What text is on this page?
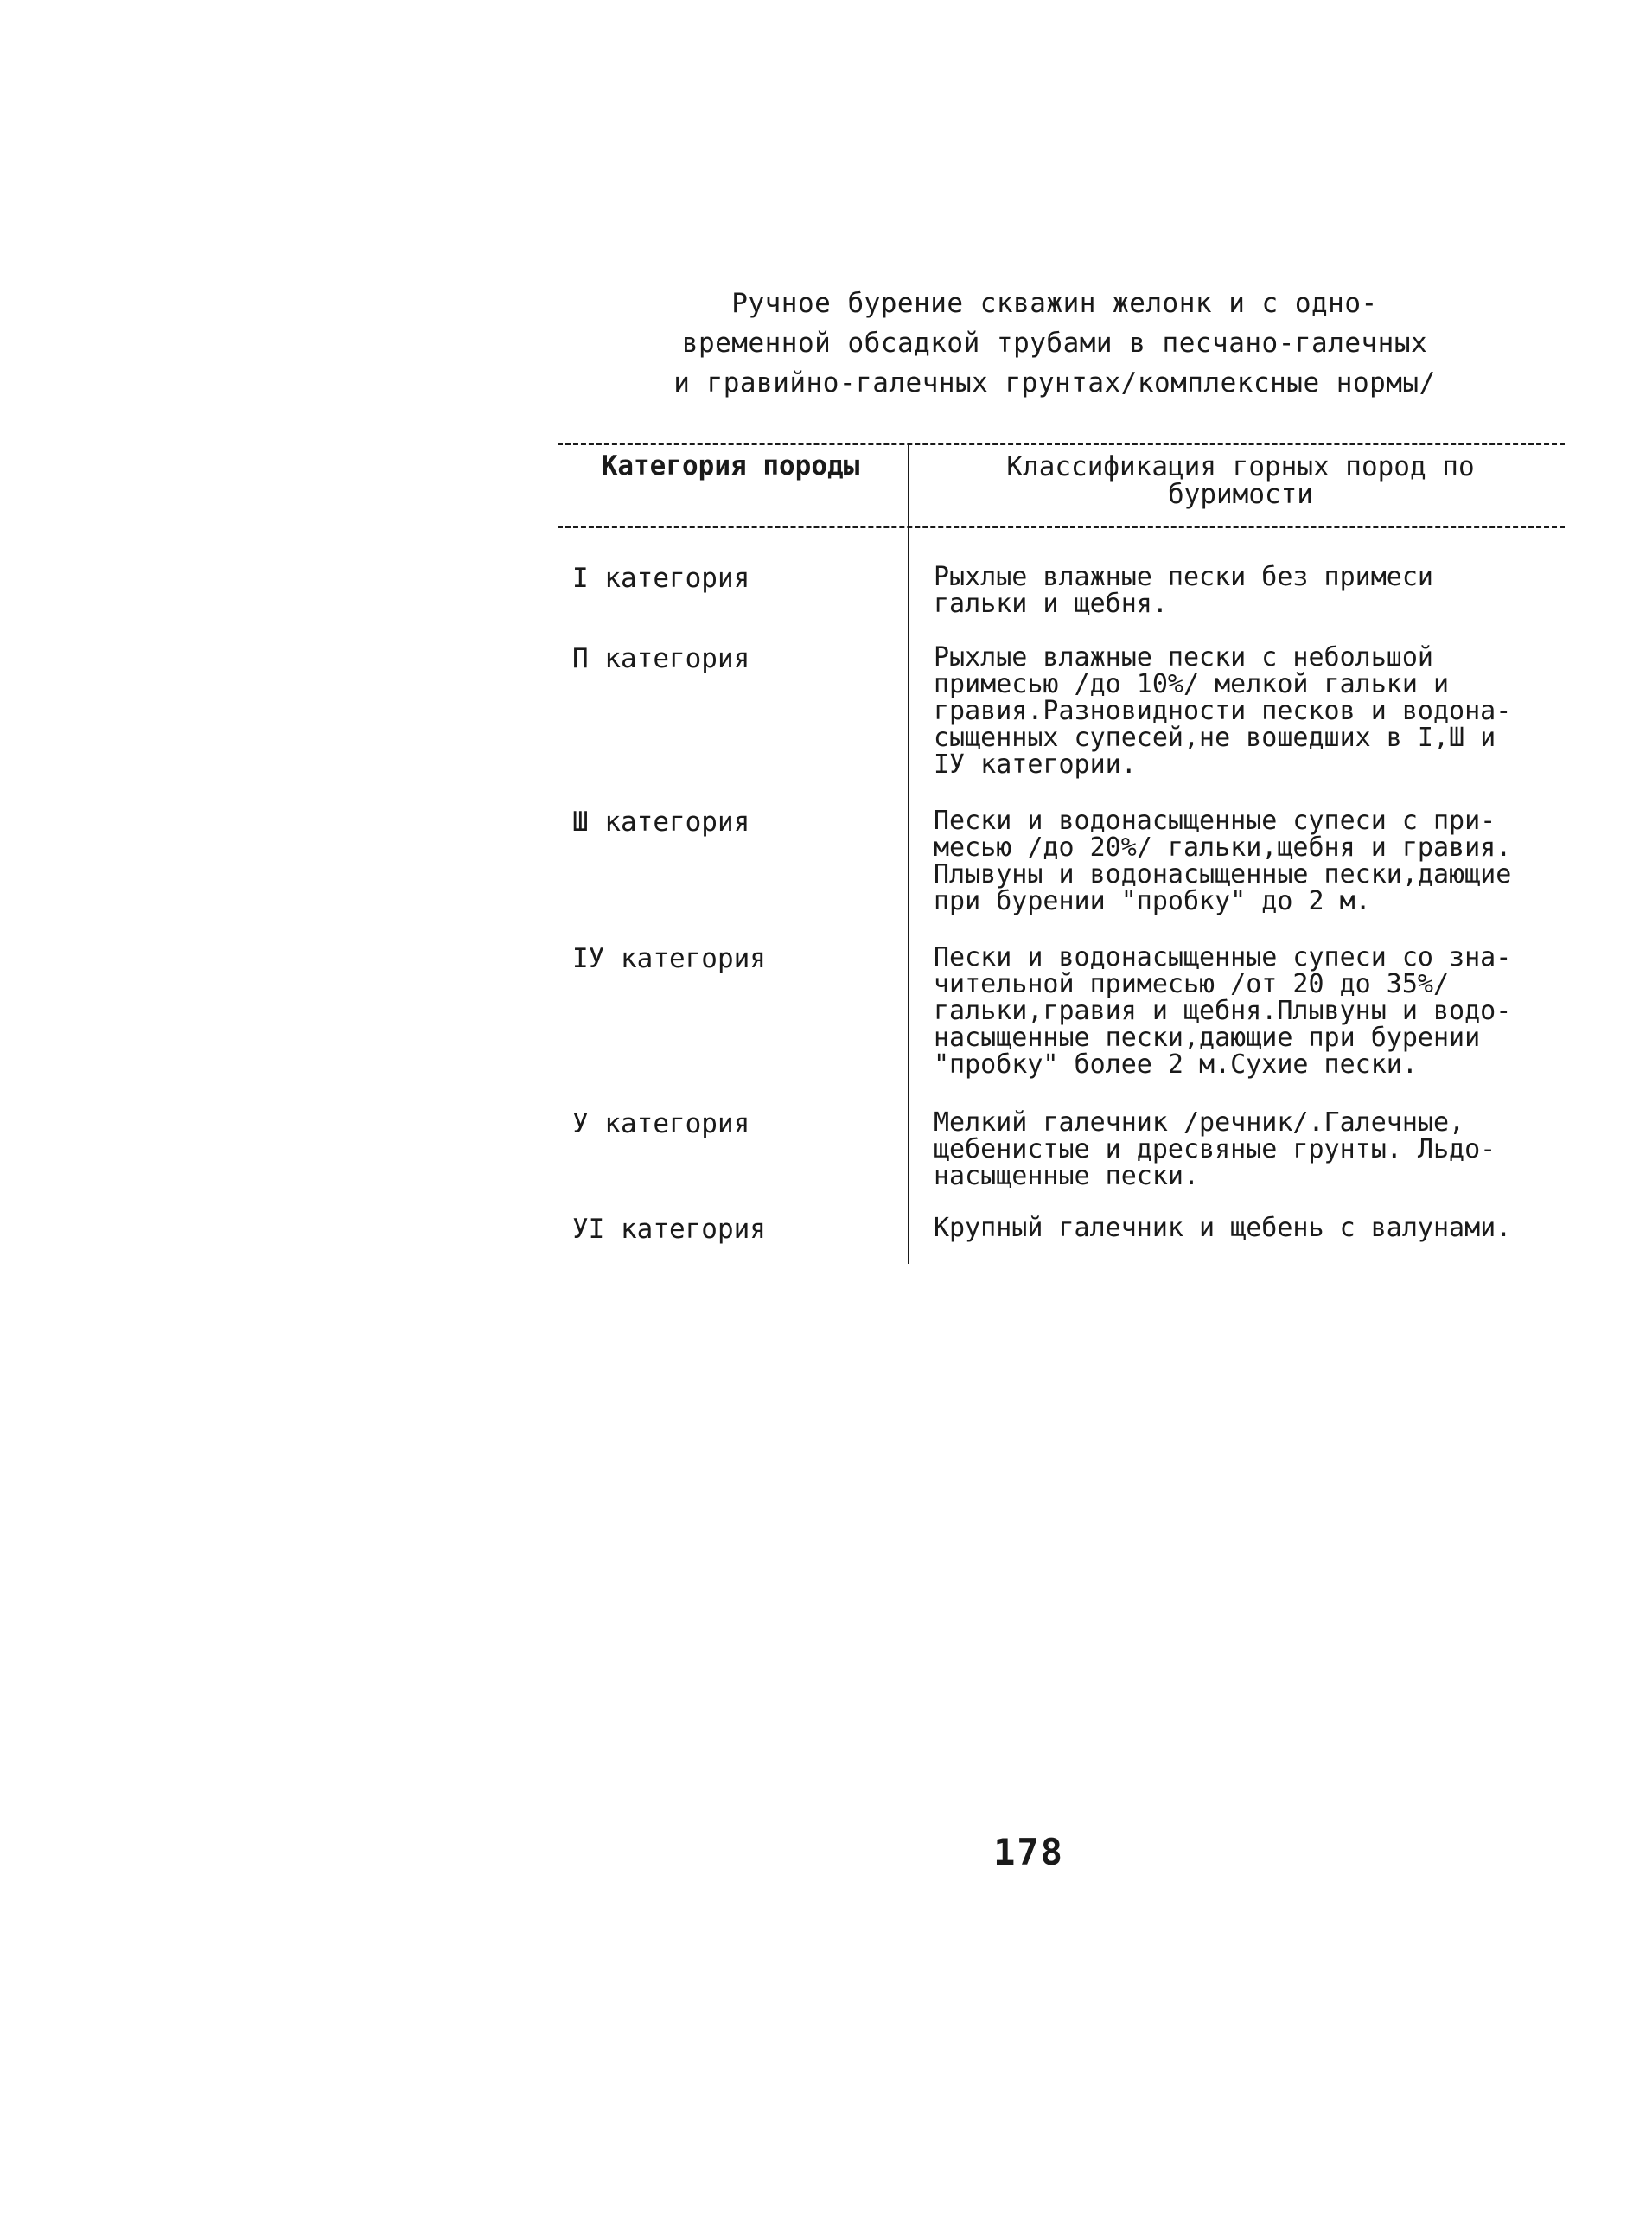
Ручное бурение скважин желонк и с одно-
временной обсадкой трубами в песчано-галечных
и гравийно-галечных грунтах/комплексные нормы/
Категория породы	Классификация горных пород по буримости
I категория	Рыхлые влажные пески без примеси
гальки и щебня.
П категория	Рыхлые влажные пески с небольшой
примесью /до 10%/ мелкой гальки и
гравия.Разновидности песков и водона-
сыщенных супесей,не вошедших в I,Ш и
IУ категории.
Ш категория	Пески и водонасыщенные супеси с при-
месью /до 20%/ гальки,щебня и гравия.
Плывуны и водонасыщенные пески,дающие
при бурении "пробку" до 2 м.
IУ категория	Пески и водонасыщенные супеси со зна-
чительной примесью /от 20 до 35%/
гальки,гравия и щебня.Плывуны и водо-
насыщенные пески,дающие при бурении
"пробку" более 2 м.Сухие пески.
У категория	Мелкий галечник /речник/.Галечные,
щебенистые и дресвяные грунты. Льдо-
насыщенные пески.
УI категория	Крупный галечник и щебень с валунами.
178
